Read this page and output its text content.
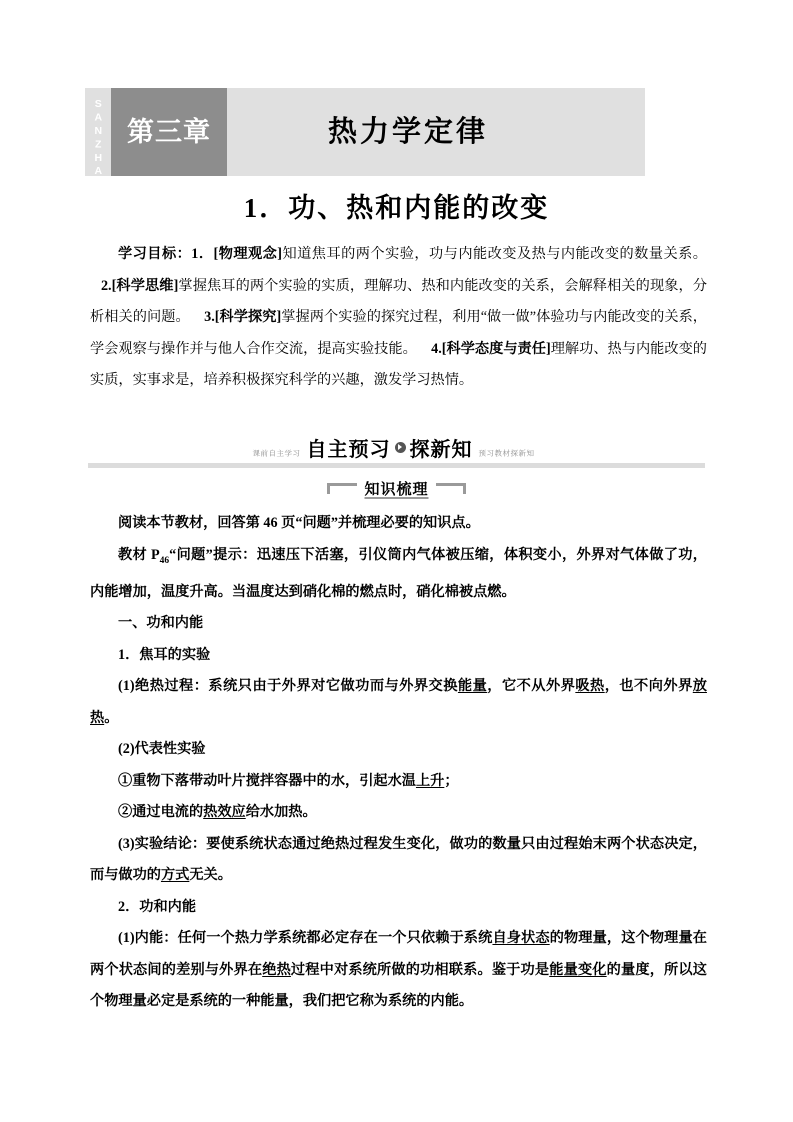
DI SANZHANG 第三章	热力学定律
1．功、热和内能的改变
学习目标：1．[物理观念]知道焦耳的两个实验，功与内能改变及热与内能改变的数量关系。    2.[科学思维]掌握焦耳的两个实验的实质，理解功、热和内能改变的关系，会解释相关的现象，分析相关的问题。 3.[科学探究]掌握两个实验的探究过程，利用“做一做”体验功与内能改变的关系，学会观察与操作并与他人合作交流，提高实验技能。 4.[科学态度与责任]理解功、热与内能改变的实质，实事求是，培养积极探究科学的兴趣，激发学习热情。
课前自主学习 自主预习 探新知 预习教材探新知
知识梳理

阅读本节教材，回答第 46 页“问题”并梳理必要的知识点。

教材 $P_{46}“$问题”提示：迅速压下活塞，引仪筒内气体被压缩，体积变小，外界对气体做了功，内能增加，温度升高。当温度达到硝化棉的燃点时，硝化棉被点燃。

一、功和内能

1．焦耳的实验

(1)绝热过程：系统只由于外界对它做功而与外界交换能量，它不从外界吸热，也不向外界放热。

(2)代表性实验

①重物下落带动叶片搅拌容器中的水，引起水温上升；

②通过电流的热效应给水加热。

(3)实验结论：要使系统状态通过绝热过程发生变化，做功的数量只由过程始末两个状态决定，而与做功的方式无关。

2．功和内能

(1)内能：任何一个热力学系统都必定存在一个只依赖于系统自身状态的物理量，这个物理量在两个状态间的差别与外界在绝热过程中对系统所做的功相联系。鉴于功是能量变化的量度，所以这个物理量必定是系统的一种能量，我们把它称为系统的内能。
